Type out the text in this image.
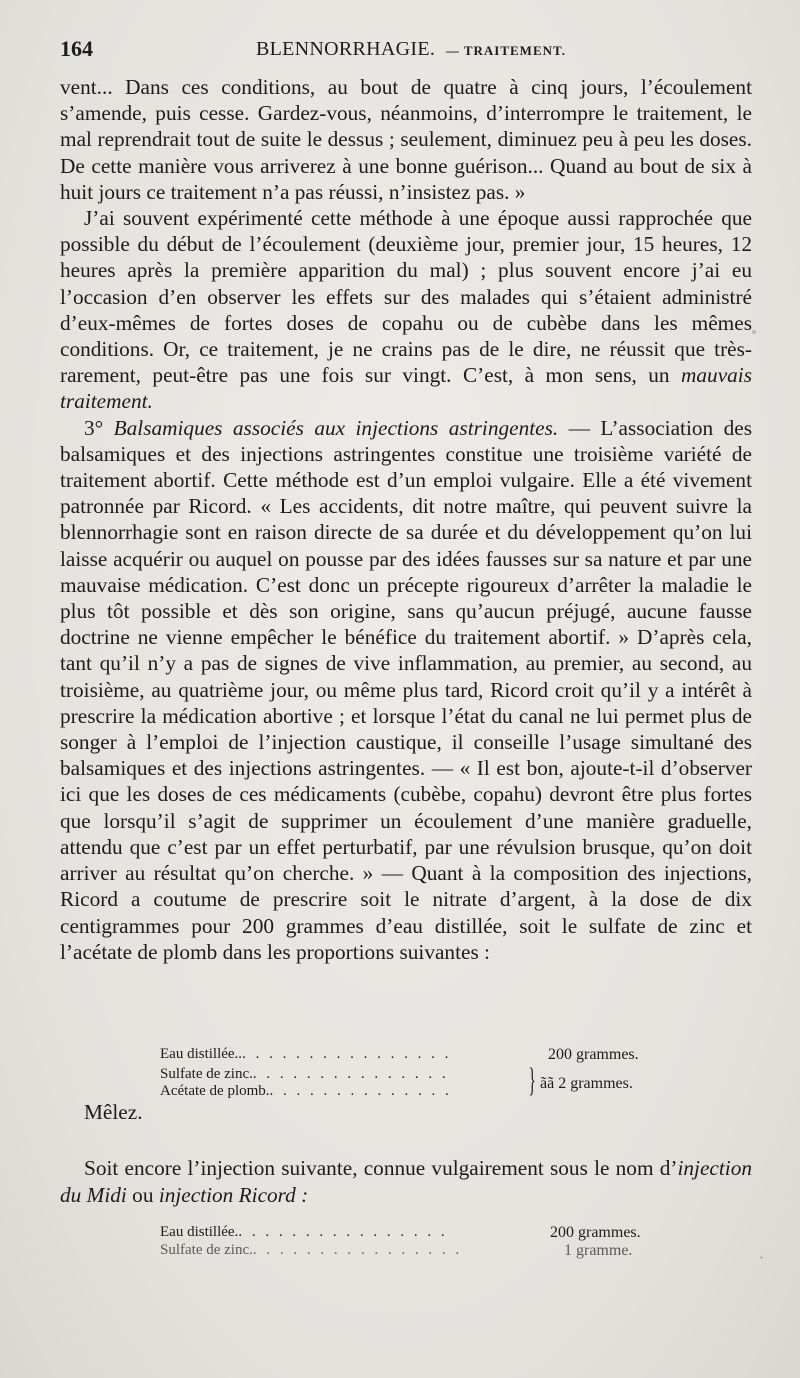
164	BLENNORRHAGIE. — TRAITEMENT.

vent... Dans ces conditions, au bout de quatre à cinq jours, l’écoulement s’amende, puis cesse. Gardez-vous, néanmoins, d’interrompre le traitement, le mal reprendrait tout de suite le dessus ; seulement, diminuez peu à peu les doses. De cette manière vous arriverez à une bonne guérison... Quand au bout de six à huit jours ce traitement n’a pas réussi, n’insistez pas. »

J’ai souvent expérimenté cette méthode à une époque aussi rapprochée que possible du début de l’écoulement (deuxième jour, premier jour, 15 heures, 12 heures après la première apparition du mal) ; plus souvent encore j’ai eu l’occasion d’en observer les effets sur des malades qui s’étaient administré d’eux-mêmes de fortes doses de copahu ou de cubèbe dans les mêmes conditions. Or, ce traitement, je ne crains pas de le dire, ne réussit que très-rarement, peut-être pas une fois sur vingt. C’est, à mon sens, un mauvais traitement.

3° Balsamiques associés aux injections astringentes. — L’association des balsamiques et des injections astringentes constitue une troisième variété de traitement abortif. Cette méthode est d’un emploi vulgaire. Elle a été vivement patronnée par Ricord. « Les accidents, dit notre maître, qui peuvent suivre la blennorrhagie sont en raison directe de sa durée et du développement qu’on lui laisse acquérir ou auquel on pousse par des idées fausses sur sa nature et par une mauvaise médication. C’est donc un précepte rigoureux d’arrêter la maladie le plus tôt possible et dès son origine, sans qu’aucun préjugé, aucune fausse doctrine ne vienne empêcher le bénéfice du traitement abortif. » D’après cela, tant qu’il n’y a pas de signes de vive inflammation, au premier, au second, au troisième, au quatrième jour, ou même plus tard, Ricord croit qu’il y a intérêt à prescrire la médication abortive ; et lorsque l’état du canal ne lui permet plus de songer à l’emploi de l’injection caustique, il conseille l’usage simultané des balsamiques et des injections astringentes. — « Il est bon, ajoute-t-il d’observer ici que les doses de ces médicaments (cubèbe, copahu) devront être plus fortes que lorsqu’il s’agit de supprimer un écoulement d’une manière graduelle, attendu que c’est par un effet perturbatif, par une révulsion brusque, qu’on doit arriver au résultat qu’on cherche. » — Quant à la composition des injections, Ricord a coutume de prescrire soit le nitrate d’argent, à la dose de dix centigrammes pour 200 grammes d’eau distillée, soit le sulfate de zinc et l’acétate de plomb dans les proportions suivantes :

Eau distillée... . . . . . . . . . . . . . . .	200 grammes.
Sulfate de zinc.. . . . . . . . . . . . . . .
Acétate de plomb.. . . . . . . . . . . . . . } ãã 2 grammes.
Mêlez.

Soit encore l’injection suivante, connue vulgairement sous le nom d’injection du Midi ou injection Ricord :

Eau distillée.. . . . . . . . . . . . . . . .	200 grammes.
Sulfate de zinc.. . . . . . . . . . . . . . . .	1 gramme.
